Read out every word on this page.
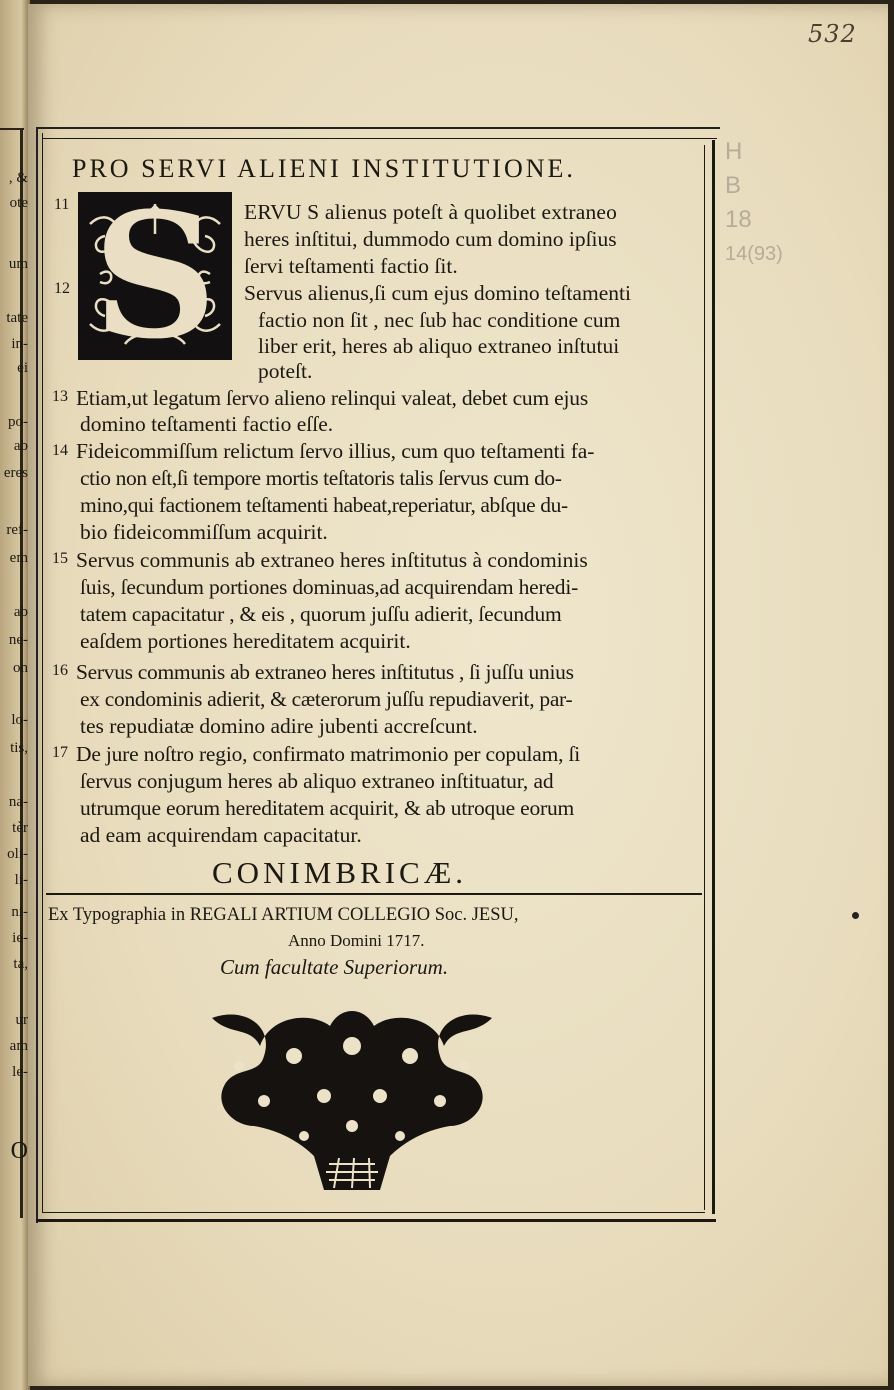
, &
ote
um
tate
in-
ei
po-
ab
eres
ref-
em
ab
ne-
on
lo-
tis,
na-
tèr
oli-
li-
ni-
ie-
ta,
ur
am
le-
O
532
H
B
18
14(93)
PRO SERVI ALIENI INSTITUTIONE.
S
11	ERVU S alienus poteſt à quolibet extraneo
heres inſtitui, dummodo cum domino ipſius
ſervi teſtamenti factio ſit.
12	Servus alienus,ſi cum ejus domino teſtamenti
factio non ſit , nec ſub hac conditione cum
liber erit, heres ab aliquo extraneo inſtutui
poteſt.
13 Etiam,ut legatum ſervo alieno relinqui valeat, debet cum ejus
domino teſtamenti factio eſſe.
14 Fideicommiſſum relictum ſervo illius, cum quo teſtamenti fa-
ctio non eſt,ſi tempore mortis teſtatoris talis ſervus cum do-
mino,qui factionem teſtamenti habeat,reperiatur, abſque du-
bio fideicommiſſum acquirit.
15 Servus communis ab extraneo heres inſtitutus à condominis
ſuis, ſecundum portiones dominuas,ad acquirendam heredi-
tatem capacitatur , & eis , quorum juſſu adierit, ſecundum
eaſdem portiones hereditatem acquirit.
16 Servus communis ab extraneo heres inſtitutus , ſi juſſu unius
ex condominis adierit, & cæterorum juſſu repudiaverit, par-
tes repudiatæ domino adire jubenti accreſcunt.
17 De jure noſtro regio, confirmato matrimonio per copulam, ſi
ſervus conjugum heres ab aliquo extraneo inſtituatur, ad
utrumque eorum hereditatem acquirit, & ab utroque eorum
ad eam acquirendam capacitatur.
CONIMBRICÆ.
Ex Typographia in REGALI ARTIUM COLLEGIO Soc. JESU,
Anno Domini 1717.
Cum facultate Superiorum.
